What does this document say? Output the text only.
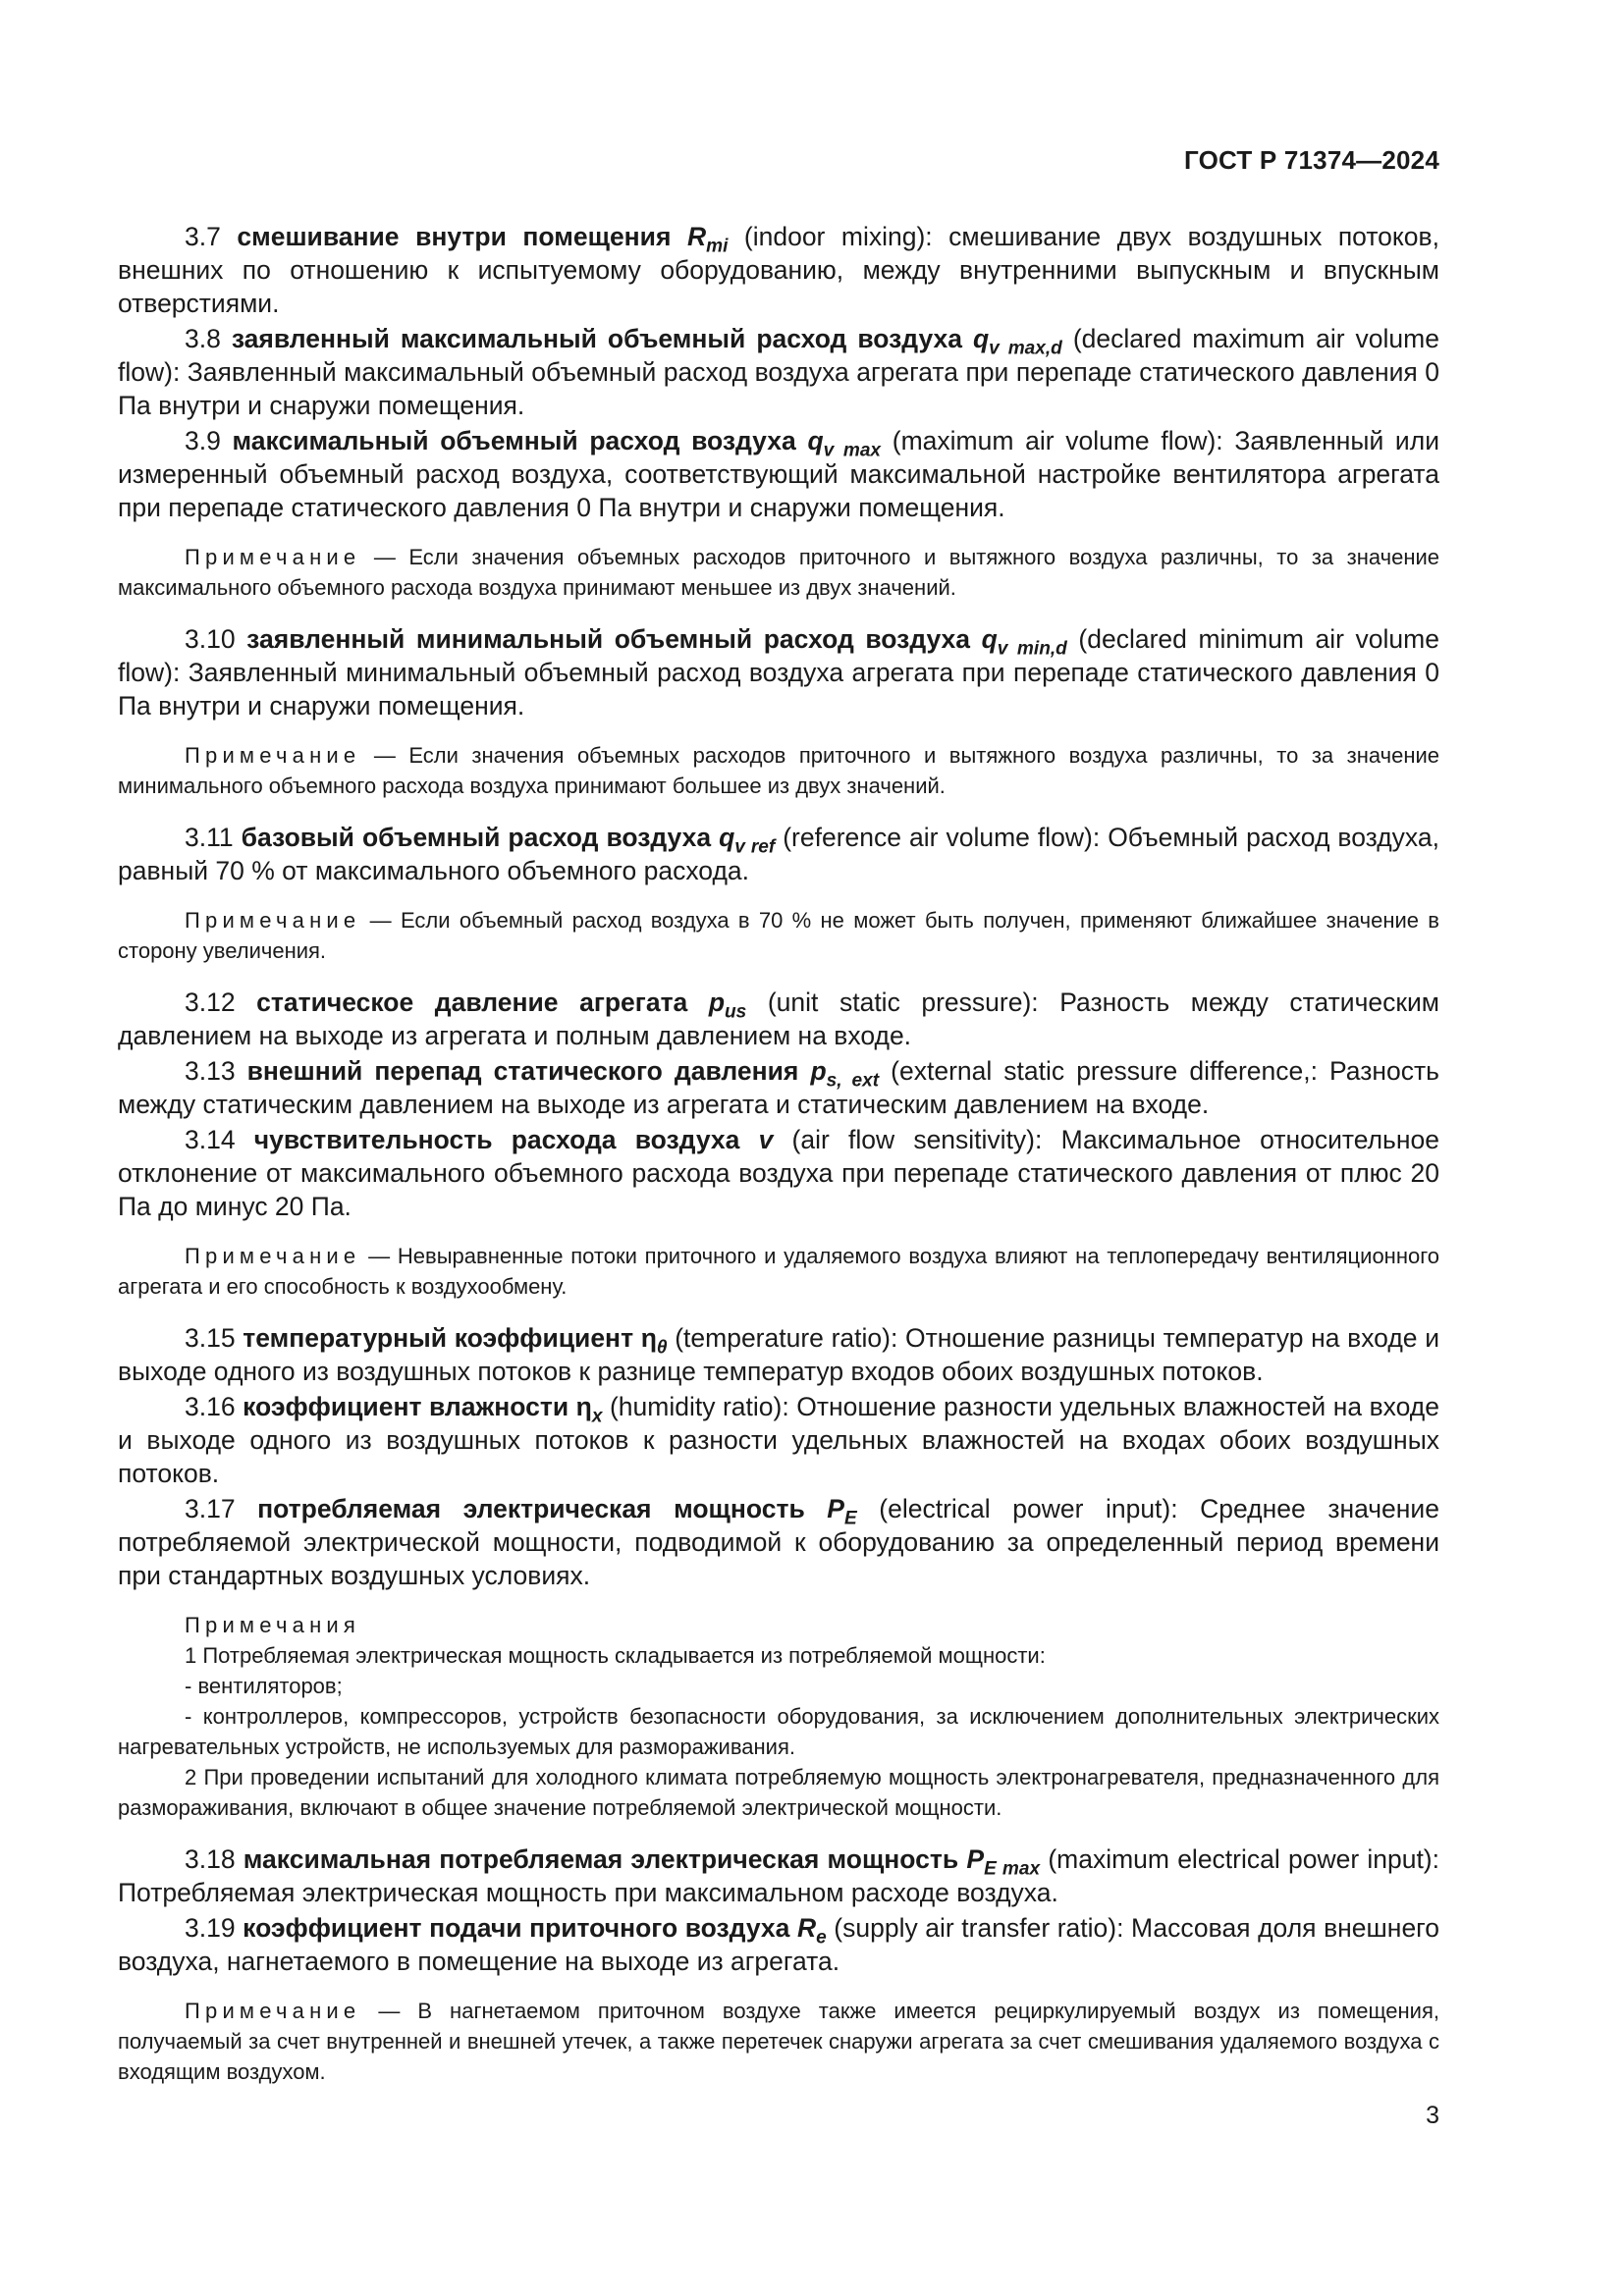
ГОСТ Р 71374—2024

3.7 смешивание внутри помещения $R_{mi}$ (indoor mixing): смешивание двух воздушных потоков, внешних по отношению к испытуемому оборудованию, между внутренними выпускным и впускным отверстиями.

3.8 заявленный максимальный объемный расход воздуха $q_{v max,d}$ (declared maximum air volume flow): Заявленный максимальный объемный расход воздуха агрегата при перепаде статического давления 0 Па внутри и снаружи помещения.

3.9 максимальный объемный расход воздуха $q_{v max}$ (maximum air volume flow): Заявленный или измеренный объемный расход воздуха, соответствующий максимальной настройке вентилятора агрегата при перепаде статического давления 0 Па внутри и снаружи помещения.

Примечание — Если значения объемных расходов приточного и вытяжного воздуха различны, то за значение максимального объемного расхода воздуха принимают меньшее из двух значений.

3.10 заявленный минимальный объемный расход воздуха $q_{v min,d}$ (declared minimum air volume flow): Заявленный минимальный объемный расход воздуха агрегата при перепаде статического давления 0 Па внутри и снаружи помещения.

Примечание — Если значения объемных расходов приточного и вытяжного воздуха различны, то за значение минимального объемного расхода воздуха принимают большее из двух значений.

3.11 базовый объемный расход воздуха $q_{v ref}$ (reference air volume flow): Объемный расход воздуха, равный 70 % от максимального объемного расхода.

Примечание — Если объемный расход воздуха в 70 % не может быть получен, применяют ближайшее значение в сторону увеличения.

3.12 статическое давление агрегата $p_{us}$ (unit static pressure): Разность между статическим давлением на выходе из агрегата и полным давлением на входе.

3.13 внешний перепад статического давления $p_{s, ext}$ (external static pressure difference,: Разность между статическим давлением на выходе из агрегата и статическим давлением на входе.

3.14 чувствительность расхода воздуха v (air flow sensitivity): Максимальное относительное отклонение от максимального объемного расхода воздуха при перепаде статического давления от плюс 20 Па до минус 20 Па.

Примечание — Невыравненные потоки приточного и удаляемого воздуха влияют на теплопередачу вентиляционного агрегата и его способность к воздухообмену.

3.15 температурный коэффициент $\eta_\theta$ (temperature ratio): Отношение разницы температур на входе и выходе одного из воздушных потоков к разнице температур входов обоих воздушных потоков.

3.16 коэффициент влажности $\eta_x$ (humidity ratio): Отношение разности удельных влажностей на входе и выходе одного из воздушных потоков к разности удельных влажностей на входах обоих воздушных потоков.

3.17 потребляемая электрическая мощность $P_E$ (electrical power input): Среднее значение потребляемой электрической мощности, подводимой к оборудованию за определенный период времени при стандартных воздушных условиях.

Примечания

1 Потребляемая электрическая мощность складывается из потребляемой мощности:

- вентиляторов;

- контроллеров, компрессоров, устройств безопасности оборудования, за исключением дополнительных электрических нагревательных устройств, не используемых для размораживания.

2 При проведении испытаний для холодного климата потребляемую мощность электронагревателя, предназначенного для размораживания, включают в общее значение потребляемой электрической мощности.

3.18 максимальная потребляемая электрическая мощность $P_{E max}$ (maximum electrical power input): Потребляемая электрическая мощность при максимальном расходе воздуха.

3.19 коэффициент подачи приточного воздуха $R_e$ (supply air transfer ratio): Массовая доля внешнего воздуха, нагнетаемого в помещение на выходе из агрегата.

Примечание — В нагнетаемом приточном воздухе также имеется рециркулируемый воздух из помещения, получаемый за счет внутренней и внешней утечек, а также перетечек снаружи агрегата за счет смешивания удаляемого воздуха с входящим воздухом.

3
